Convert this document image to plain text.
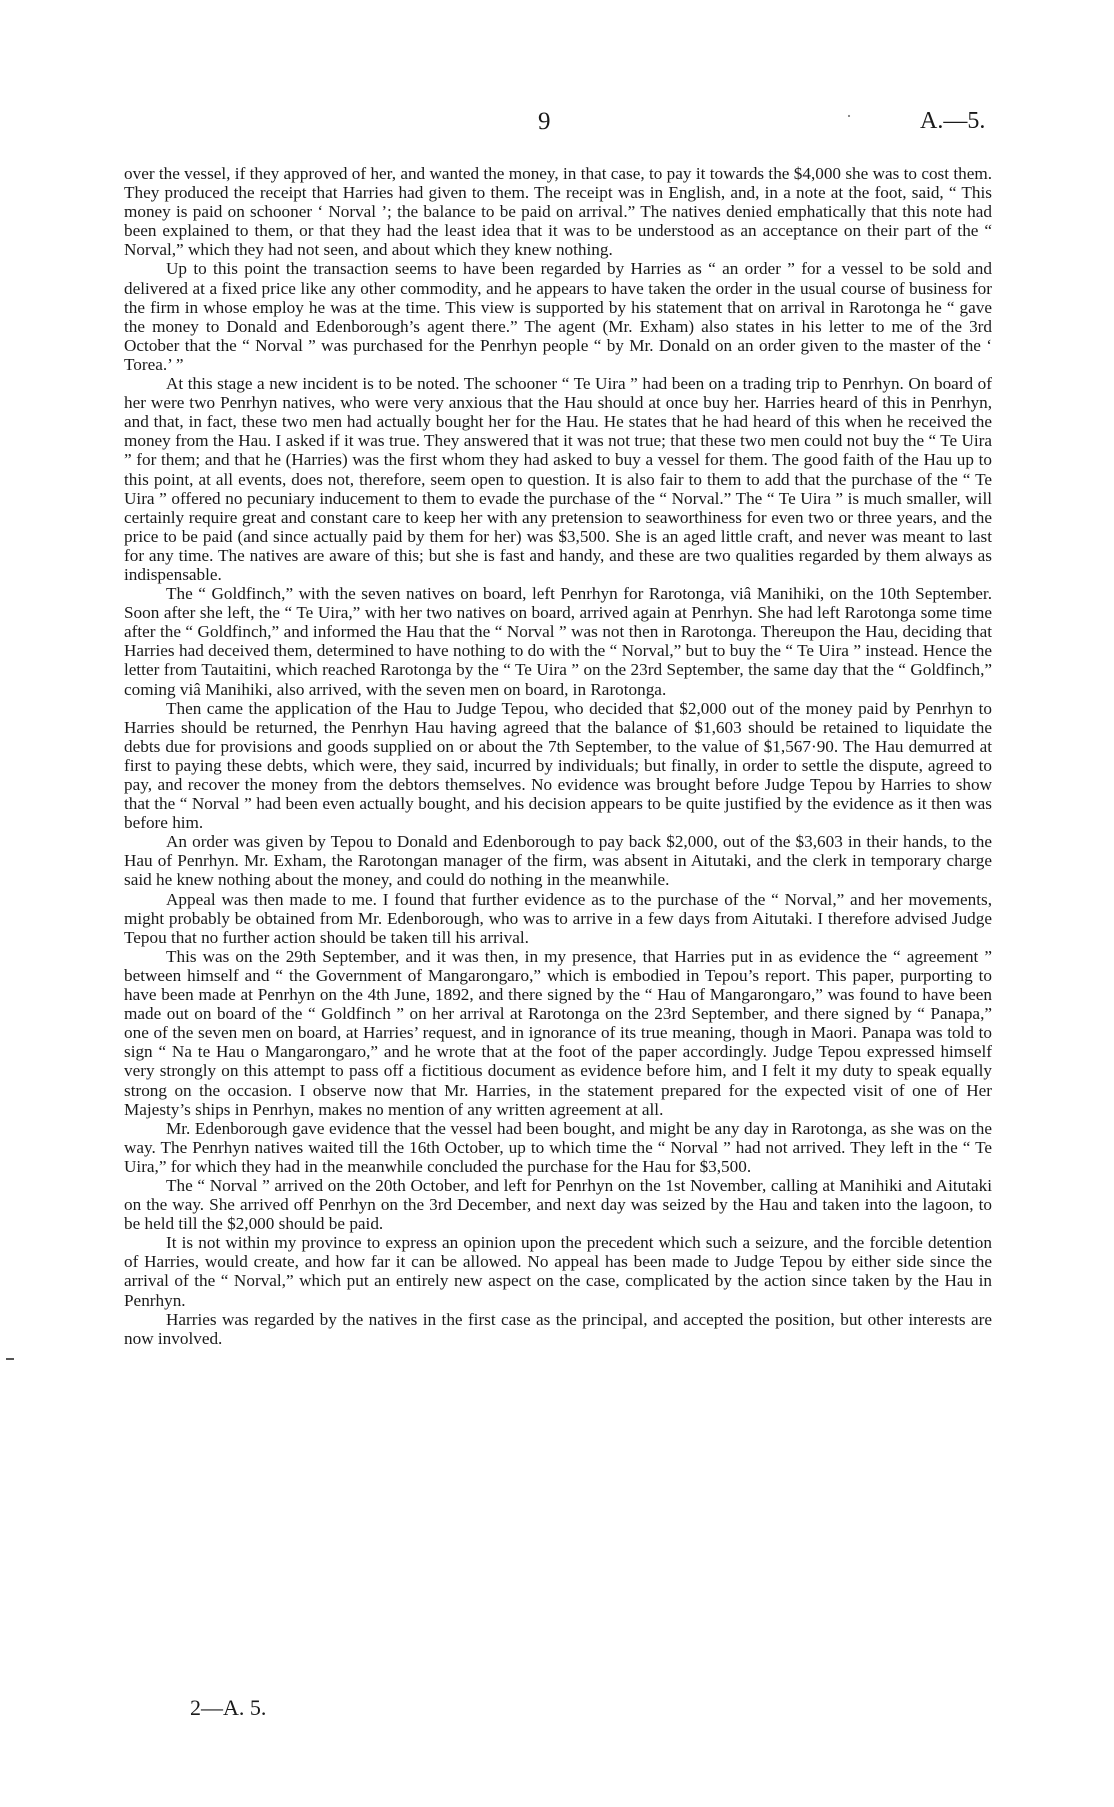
9	·	A.—5.

over the vessel, if they approved of her, and wanted the money, in that case, to pay it towards the $4,000 she was to cost them. They produced the receipt that Harries had given to them. The receipt was in English, and, in a note at the foot, said, “ This money is paid on schooner ‘ Norval ’; the balance to be paid on arrival.” The natives denied emphatically that this note had been explained to them, or that they had the least idea that it was to be understood as an acceptance on their part of the “ Norval,” which they had not seen, and about which they knew nothing.

Up to this point the transaction seems to have been regarded by Harries as “ an order ” for a vessel to be sold and delivered at a fixed price like any other commodity, and he appears to have taken the order in the usual course of business for the firm in whose employ he was at the time. This view is supported by his statement that on arrival in Rarotonga he “ gave the money to Donald and Edenborough’s agent there.” The agent (Mr. Exham) also states in his letter to me of the 3rd October that the “ Norval ” was purchased for the Penrhyn people “ by Mr. Donald on an order given to the master of the ‘ Torea.’ ”

At this stage a new incident is to be noted. The schooner “ Te Uira ” had been on a trading trip to Penrhyn. On board of her were two Penrhyn natives, who were very anxious that the Hau should at once buy her. Harries heard of this in Penrhyn, and that, in fact, these two men had actually bought her for the Hau. He states that he had heard of this when he received the money from the Hau. I asked if it was true. They answered that it was not true; that these two men could not buy the “ Te Uira ” for them; and that he (Harries) was the first whom they had asked to buy a vessel for them. The good faith of the Hau up to this point, at all events, does not, therefore, seem open to question. It is also fair to them to add that the purchase of the “ Te Uira ” offered no pecuniary inducement to them to evade the purchase of the “ Norval.” The “ Te Uira ” is much smaller, will certainly require great and constant care to keep her with any pretension to seaworthiness for even two or three years, and the price to be paid (and since actually paid by them for her) was $3,500. She is an aged little craft, and never was meant to last for any time. The natives are aware of this; but she is fast and handy, and these are two qualities regarded by them always as indispensable.

The “ Goldfinch,” with the seven natives on board, left Penrhyn for Rarotonga, viâ Manihiki, on the 10th September. Soon after she left, the “ Te Uira,” with her two natives on board, arrived again at Penrhyn. She had left Rarotonga some time after the “ Goldfinch,” and informed the Hau that the “ Norval ” was not then in Rarotonga. Thereupon the Hau, deciding that Harries had deceived them, determined to have nothing to do with the “ Norval,” but to buy the “ Te Uira ” instead. Hence the letter from Tautaitini, which reached Rarotonga by the “ Te Uira ” on the 23rd September, the same day that the “ Goldfinch,” coming viâ Manihiki, also arrived, with the seven men on board, in Rarotonga.

Then came the application of the Hau to Judge Tepou, who decided that $2,000 out of the money paid by Penrhyn to Harries should be returned, the Penrhyn Hau having agreed that the balance of $1,603 should be retained to liquidate the debts due for provisions and goods supplied on or about the 7th September, to the value of $1,567·90. The Hau demurred at first to paying these debts, which were, they said, incurred by individuals; but finally, in order to settle the dispute, agreed to pay, and recover the money from the debtors themselves. No evidence was brought before Judge Tepou by Harries to show that the “ Norval ” had been even actually bought, and his decision appears to be quite justified by the evidence as it then was before him.

An order was given by Tepou to Donald and Edenborough to pay back $2,000, out of the $3,603 in their hands, to the Hau of Penrhyn. Mr. Exham, the Rarotongan manager of the firm, was absent in Aitutaki, and the clerk in temporary charge said he knew nothing about the money, and could do nothing in the meanwhile.

Appeal was then made to me. I found that further evidence as to the purchase of the “ Norval,” and her movements, might probably be obtained from Mr. Edenborough, who was to arrive in a few days from Aitutaki. I therefore advised Judge Tepou that no further action should be taken till his arrival.

This was on the 29th September, and it was then, in my presence, that Harries put in as evidence the “ agreement ” between himself and “ the Government of Mangarongaro,” which is embodied in Tepou’s report. This paper, purporting to have been made at Penrhyn on the 4th June, 1892, and there signed by the “ Hau of Mangarongaro,” was found to have been made out on board of the “ Goldfinch ” on her arrival at Rarotonga on the 23rd September, and there signed by “ Panapa,” one of the seven men on board, at Harries’ request, and in ignorance of its true meaning, though in Maori. Panapa was told to sign “ Na te Hau o Mangarongaro,” and he wrote that at the foot of the paper accordingly. Judge Tepou expressed himself very strongly on this attempt to pass off a fictitious document as evidence before him, and I felt it my duty to speak equally strong on the occasion. I observe now that Mr. Harries, in the statement prepared for the expected visit of one of Her Majesty’s ships in Penrhyn, makes no mention of any written agreement at all.

Mr. Edenborough gave evidence that the vessel had been bought, and might be any day in Rarotonga, as she was on the way. The Penrhyn natives waited till the 16th October, up to which time the “ Norval ” had not arrived. They left in the “ Te Uira,” for which they had in the meanwhile concluded the purchase for the Hau for $3,500.

The “ Norval ” arrived on the 20th October, and left for Penrhyn on the 1st November, calling at Manihiki and Aitutaki on the way. She arrived off Penrhyn on the 3rd December, and next day was seized by the Hau and taken into the lagoon, to be held till the $2,000 should be paid.

It is not within my province to express an opinion upon the precedent which such a seizure, and the forcible detention of Harries, would create, and how far it can be allowed. No appeal has been made to Judge Tepou by either side since the arrival of the “ Norval,” which put an entirely new aspect on the case, complicated by the action since taken by the Hau in Penrhyn.

Harries was regarded by the natives in the first case as the principal, and accepted the position, but other interests are now involved.

2—A. 5.
